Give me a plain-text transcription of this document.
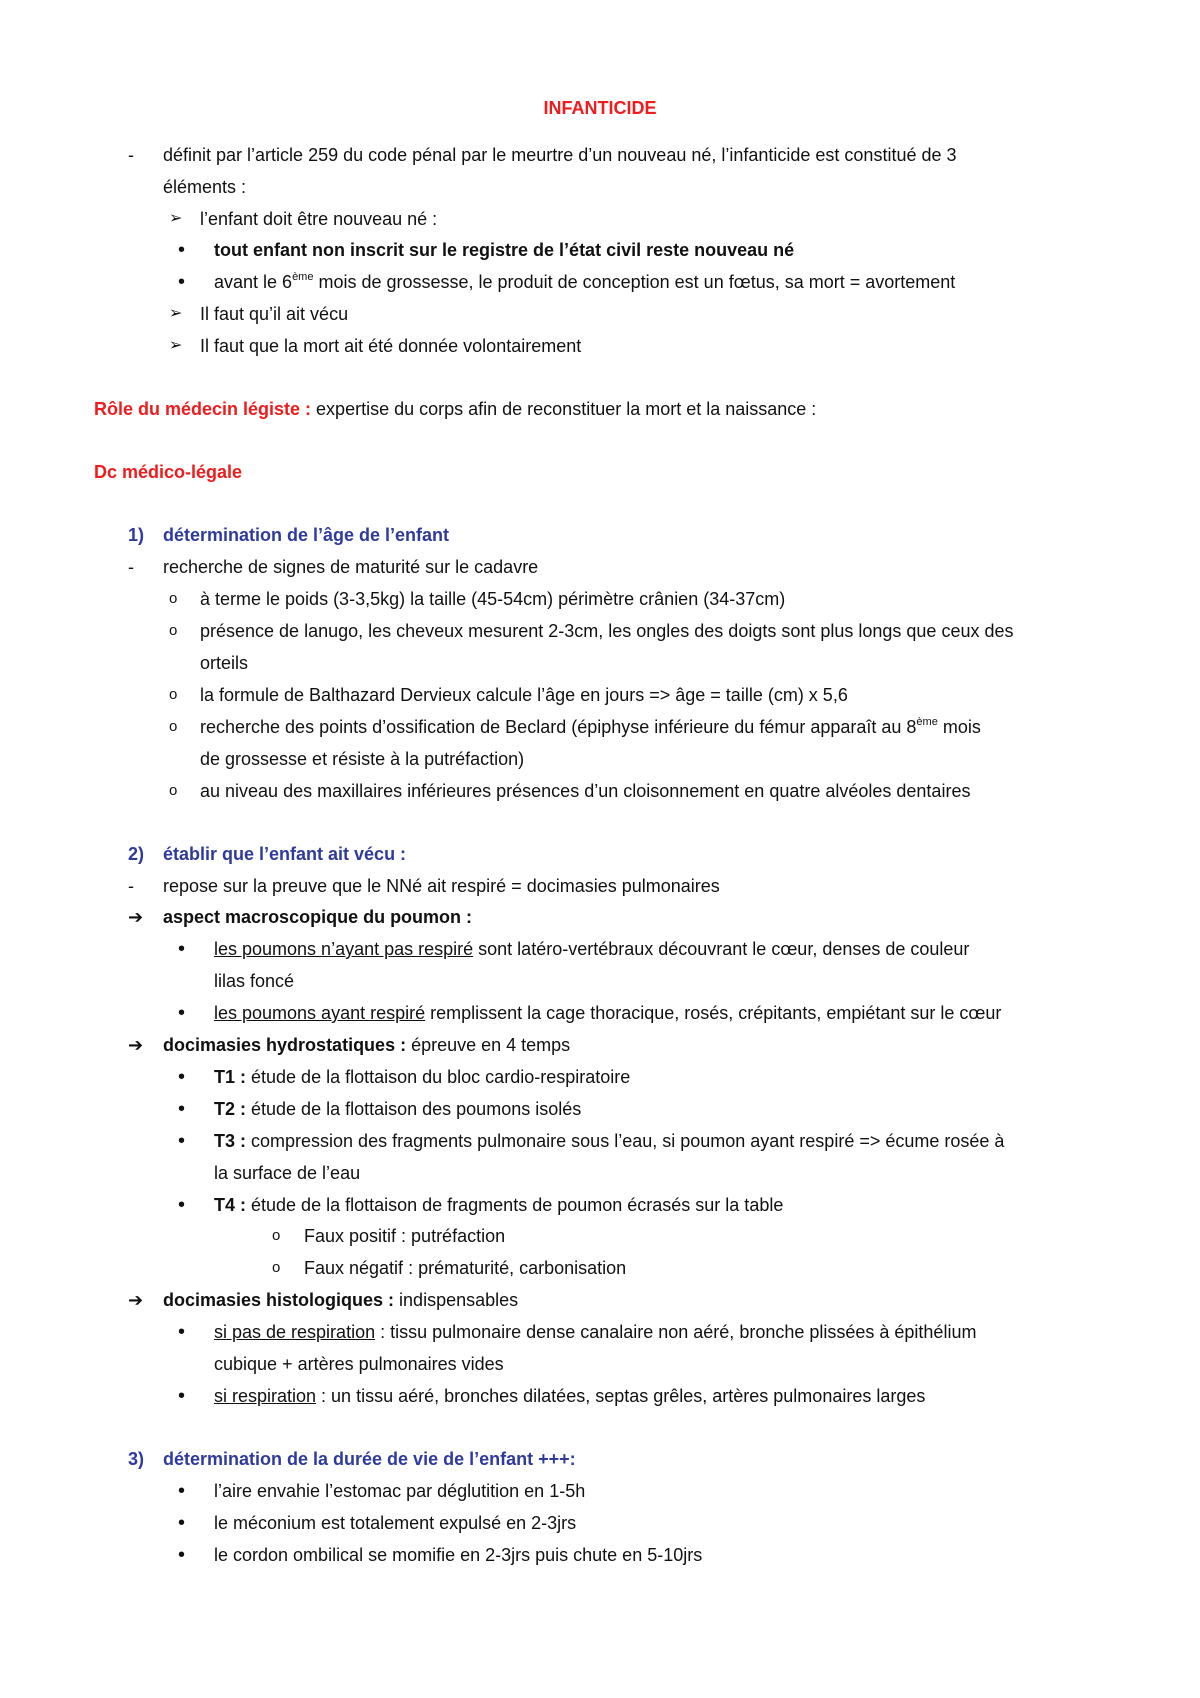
INFANTICIDE
- définit par l’article 259 du code pénal par le meurtre d’un nouveau né, l’infanticide est constitué de 3
éléments :
➢ l’enfant doit être nouveau né :
• tout enfant non inscrit sur le registre de l’état civil reste nouveau né
• avant le 6ème mois de grossesse, le produit de conception est un fœtus, sa mort = avortement
➢ Il faut qu’il ait vécu
➢ Il faut que la mort ait été donnée volontairement
Rôle du médecin légiste : expertise du corps afin de reconstituer la mort et la naissance :
Dc médico-légale
1) détermination de l’âge de l’enfant
- recherche de signes de maturité sur le cadavre
o à terme le poids (3-3,5kg) la taille (45-54cm) périmètre crânien (34-37cm)
o présence de lanugo, les cheveux mesurent 2-3cm, les ongles des doigts sont plus longs que ceux des
orteils
o la formule de Balthazard Dervieux calcule l’âge en jours => âge = taille (cm) x 5,6
o recherche des points d’ossification de Beclard (épiphyse inférieure du fémur apparaît au 8ème mois
de grossesse et résiste à la putréfaction)
o au niveau des maxillaires inférieures présences d’un cloisonnement en quatre alvéoles dentaires
2) établir que l’enfant ait vécu :
- repose sur la preuve que le NNé ait respiré = docimasies pulmonaires
➔ aspect macroscopique du poumon :
• les poumons n’ayant pas respiré sont latéro-vertébraux découvrant le cœur, denses de couleur
lilas foncé
• les poumons ayant respiré remplissent la cage thoracique, rosés, crépitants, empiétant sur le cœur
➔ docimasies hydrostatiques : épreuve en 4 temps
• T1 : étude de la flottaison du bloc cardio-respiratoire
• T2 : étude de la flottaison des poumons isolés
• T3 : compression des fragments pulmonaire sous l’eau, si poumon ayant respiré => écume rosée à
la surface de l’eau
• T4 : étude de la flottaison de fragments de poumon écrasés sur la table
o Faux positif : putréfaction
o Faux négatif : prématurité, carbonisation
➔ docimasies histologiques : indispensables
• si pas de respiration : tissu pulmonaire dense canalaire non aéré, bronche plissées à épithélium
cubique + artères pulmonaires vides
• si respiration : un tissu aéré, bronches dilatées, septas grêles, artères pulmonaires larges
3) détermination de la durée de vie de l’enfant +++:
• l’aire envahie l’estomac par déglutition en 1-5h
• le méconium est totalement expulsé en 2-3jrs
• le cordon ombilical se momifie en 2-3jrs puis chute en 5-10jrs
